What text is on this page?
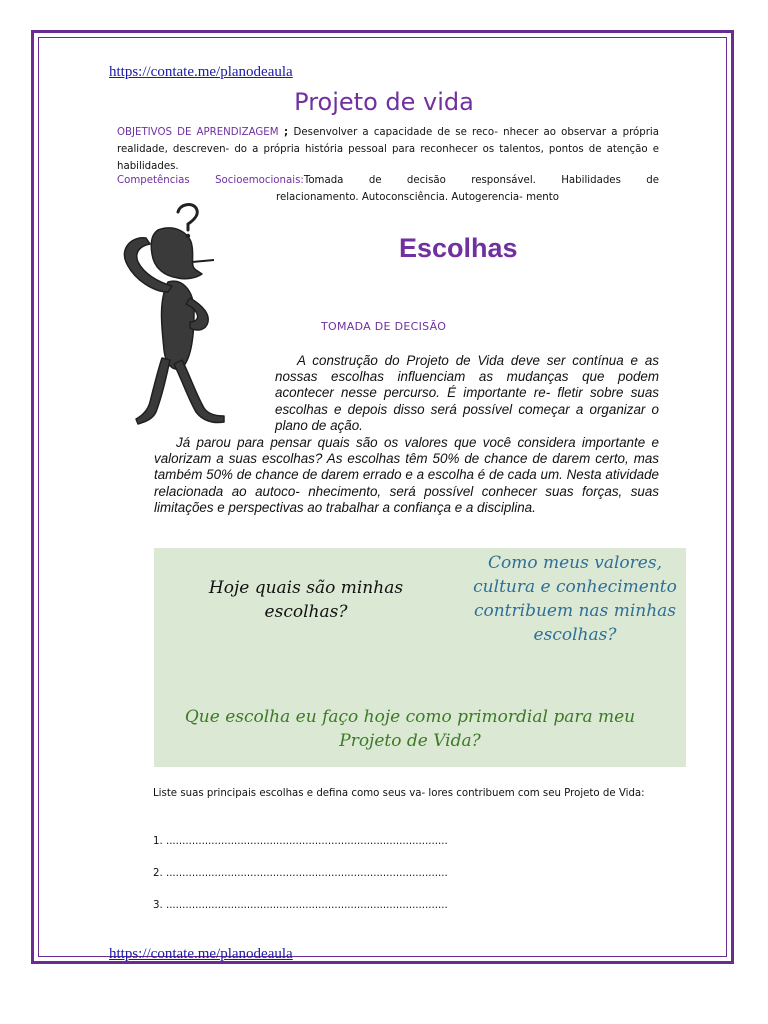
https://contate.me/planodeaula
Projeto de vida
OBJETIVOS DE APRENDIZAGEM ; Desenvolver a capacidade de se reco- nhecer ao observar a própria realidade, descreven- do a própria história pessoal para reconhecer os talentos, pontos de atenção e habilidades.
Competências Socioemocionais:Tomada de decisão responsável. Habilidades de
relacionamento. Autoconsciência. Autogerencia- mento
Escolhas
TOMADA DE DECISÃO
A construção do Projeto de Vida deve ser contínua e as nossas escolhas influenciam as mudanças que podem acontecer nesse percurso. É importante re- fletir sobre suas escolhas e depois disso será possível começar a organizar o plano de ação.
Já parou para pensar quais são os valores que você considera importante e valorizam a suas escolhas? As escolhas têm 50% de chance de darem certo, mas também 50% de chance de darem errado e a escolha é de cada um. Nesta atividade relacionada ao autoco- nhecimento, será possível conhecer suas forças, suas limitações e perspectivas ao trabalhar a confiança e a disciplina.
Hoje quais são minhas escolhas?
Como meus valores, cultura e conhecimento contribuem nas minhas escolhas?
Que escolha eu faço hoje como primordial para meu Projeto de Vida?
Liste suas principais escolhas e defina como seus va- lores contribuem com seu Projeto de Vida:
1. .......................................................................................
2. .......................................................................................
3. .......................................................................................
https://contate.me/planodeaula
